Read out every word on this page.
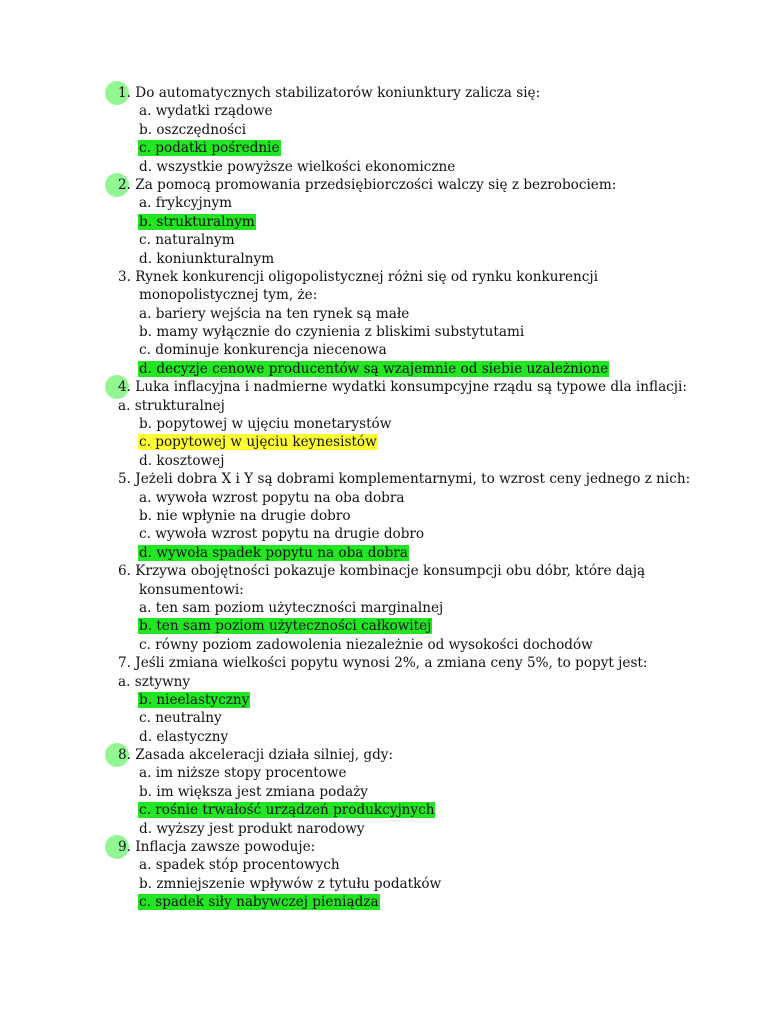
1. Do automatycznych stabilizatorów koniunktury zalicza się:
a. wydatki rządowe
b. oszczędności
c. podatki pośrednie
d. wszystkie powyższe wielkości ekonomiczne
2. Za pomocą promowania przedsiębiorczości walczy się z bezrobociem:
a. frykcyjnym
b. strukturalnym
c. naturalnym
d. koniunkturalnym
3. Rynek konkurencji oligopolistycznej różni się od rynku konkurencji
monopolistycznej tym, że:
a. bariery wejścia na ten rynek są małe
b. mamy wyłącznie do czynienia z bliskimi substytutami
c. dominuje konkurencja niecenowa
d. decyzje cenowe producentów są wzajemnie od siebie uzależnione
4. Luka inflacyjna i nadmierne wydatki konsumpcyjne rządu są typowe dla inflacji:
a. strukturalnej
b. popytowej w ujęciu monetarystów
c. popytowej w ujęciu keynesistów
d. kosztowej
5. Jeżeli dobra X i Y są dobrami komplementarnymi, to wzrost ceny jednego z nich:
a. wywoła wzrost popytu na oba dobra
b. nie wpłynie na drugie dobro
c. wywoła wzrost popytu na drugie dobro
d. wywoła spadek popytu na oba dobra
6. Krzywa obojętności pokazuje kombinacje konsumpcji obu dóbr, które dają
konsumentowi:
a. ten sam poziom użyteczności marginalnej
b. ten sam poziom użyteczności całkowitej
c. równy poziom zadowolenia niezależnie od wysokości dochodów
7. Jeśli zmiana wielkości popytu wynosi 2%, a zmiana ceny 5%, to popyt jest:
a. sztywny
b. nieelastyczny
c. neutralny
d. elastyczny
8. Zasada akceleracji działa silniej, gdy:
a. im niższe stopy procentowe
b. im większa jest zmiana podaży
c. rośnie trwałość urządzeń produkcyjnych
d. wyższy jest produkt narodowy
9. Inflacja zawsze powoduje:
a. spadek stóp procentowych
b. zmniejszenie wpływów z tytułu podatków
c. spadek siły nabywczej pieniądza
